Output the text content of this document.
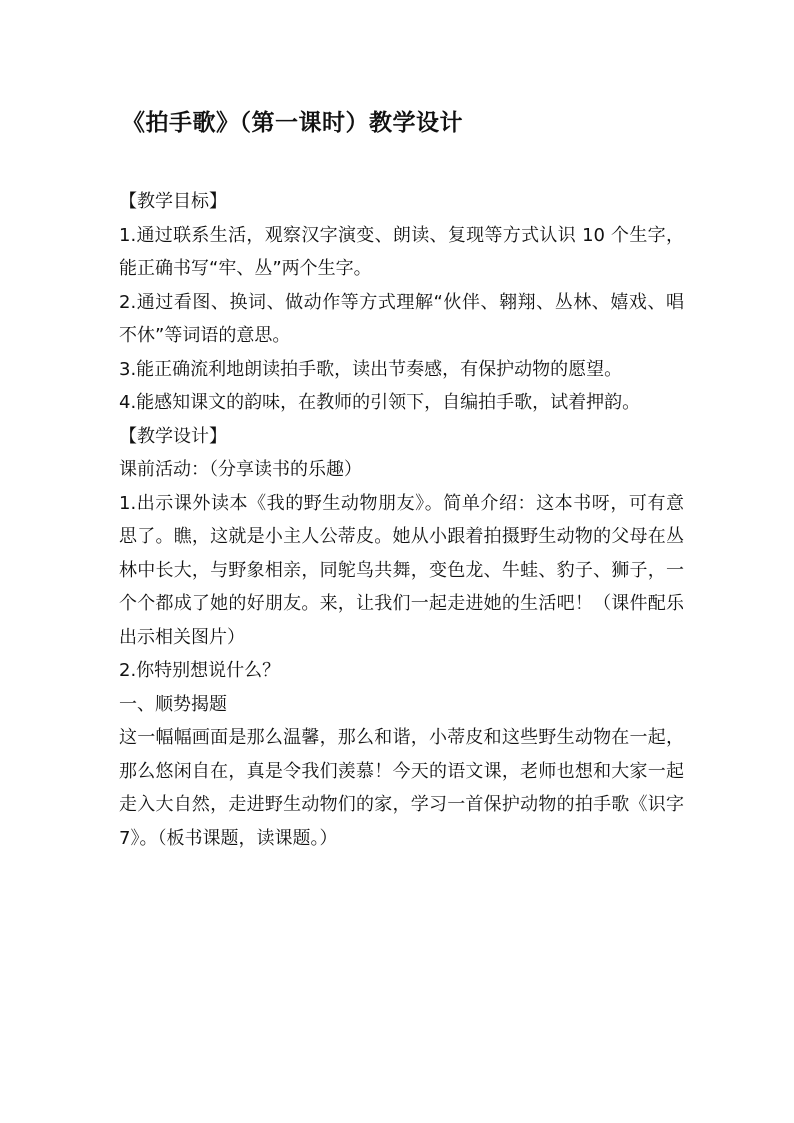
《拍手歌》（第一课时）教学设计

【教学目标】

1.通过联系生活，观察汉字演变、朗读、复现等方式认识 10 个生字，能正确书写“牢、丛”两个生字。

2.通过看图、换词、做动作等方式理解“伙伴、翱翔、丛林、嬉戏、唱不休”等词语的意思。

3.能正确流利地朗读拍手歌，读出节奏感，有保护动物的愿望。

4.能感知课文的韵味，在教师的引领下，自编拍手歌，试着押韵。

【教学设计】

课前活动：（分享读书的乐趣）

1.出示课外读本《我的野生动物朋友》。简单介绍：这本书呀，可有意思了。瞧，这就是小主人公蒂皮。她从小跟着拍摄野生动物的父母在丛林中长大，与野象相亲，同鸵鸟共舞，变色龙、牛蛙、豹子、狮子，一个个都成了她的好朋友。来，让我们一起走进她的生活吧！（课件配乐出示相关图片）

2.你特别想说什么？

一、顺势揭题

这一幅幅画面是那么温馨，那么和谐，小蒂皮和这些野生动物在一起，那么悠闲自在，真是令我们羡慕！今天的语文课，老师也想和大家一起走入大自然，走进野生动物们的家，学习一首保护动物的拍手歌《识字 7》。（板书课题，读课题。）
